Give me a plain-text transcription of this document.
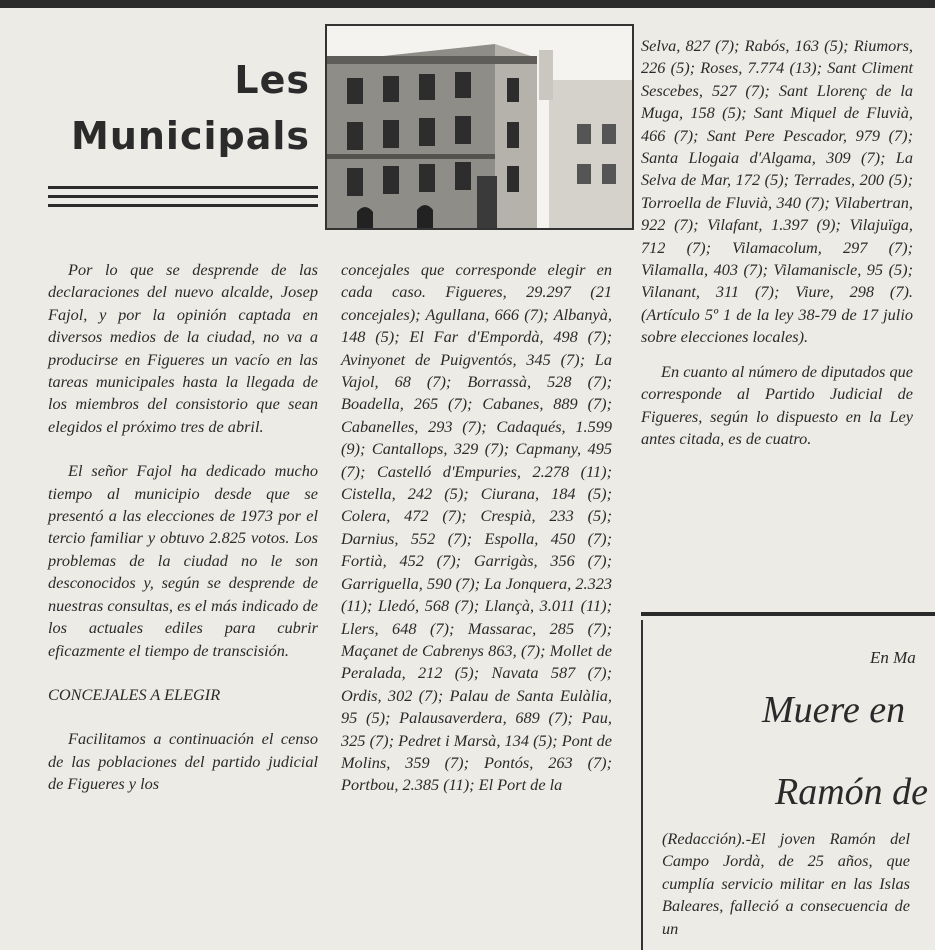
Les
Municipals

Por lo que se desprende de las declaraciones del nuevo alcalde, Josep Fajol, y por la opinión captada en diversos medios de la ciudad, no va a producirse en Figueres un vacío en las tareas municipales hasta la llegada de los miembros del consistorio que sean elegidos el próximo tres de abril.

El señor Fajol ha dedicado mucho tiempo al municipio desde que se presentó a las elecciones de 1973 por el tercio familiar y obtuvo 2.825 votos. Los problemas de la ciudad no le son desconocidos y, según se desprende de nuestras consultas, es el más indicado de los actuales ediles para cubrir eficazmente el tiempo de transcisión.

CONCEJALES A ELEGIR

Facilitamos a continuación el censo de las poblaciones del partido judicial de Figueres y los

concejales que corresponde elegir en cada caso. Figueres, 29.297 (21 concejales); Agullana, 666 (7); Albanyà, 148 (5); El Far d'Empordà, 498 (7); Avinyonet de Puigventós, 345 (7); La Vajol, 68 (7); Borrassà, 528 (7); Boadella, 265 (7); Cabanes, 889 (7); Cabanelles, 293 (7); Cadaqués, 1.599 (9); Cantallops, 329 (7); Capmany, 495 (7); Castelló d'Empuries, 2.278 (11); Cistella, 242 (5); Ciurana, 184 (5); Colera, 472 (7); Crespià, 233 (5); Darnius, 552 (7); Espolla, 450 (7); Fortià, 452 (7); Garrigàs, 356 (7); Garriguella, 590 (7); La Jonquera, 2.323 (11); Lledó, 568 (7); Llançà, 3.011 (11); Llers, 648 (7); Massarac, 285 (7); Maçanet de Cabrenys 863, (7); Mollet de Peralada, 212 (5); Navata 587 (7); Ordis, 302 (7); Palau de Santa Eulàlia, 95 (5); Palausaverdera, 689 (7); Pau, 325 (7); Pedret i Marsà, 134 (5); Pont de Molins, 359 (7); Pontós, 263 (7); Portbou, 2.385 (11); El Port de la

Selva, 827 (7); Rabós, 163 (5); Riumors, 226 (5); Roses, 7.774 (13); Sant Climent Sescebes, 527 (7); Sant Llorenç de la Muga, 158 (5); Sant Miquel de Fluvià, 466 (7); Sant Pere Pescador, 979 (7); Santa Llogaia d'Algama, 309 (7); La Selva de Mar, 172 (5); Terrades, 200 (5); Torroella de Fluvià, 340 (7); Vilabertran, 922 (7); Vilafant, 1.397 (9); Vilajuïga, 712 (7); Vilamacolum, 297 (7); Vilamalla, 403 (7); Vilamaniscle, 95 (5); Vilanant, 311 (7); Viure, 298 (7). (Artículo 5º 1 de la ley 38-79 de 17 julio sobre elecciones locales).

En cuanto al número de diputados que corresponde al Partido Judicial de Figueres, según lo dispuesto en la Ley antes citada, es de cuatro.

En Ma
Muere en
Ramón de

(Redacción).-El joven Ramón del Campo Jordà, de 25 años, que cumplía servicio militar en las Islas Baleares, falleció a consecuencia de un
